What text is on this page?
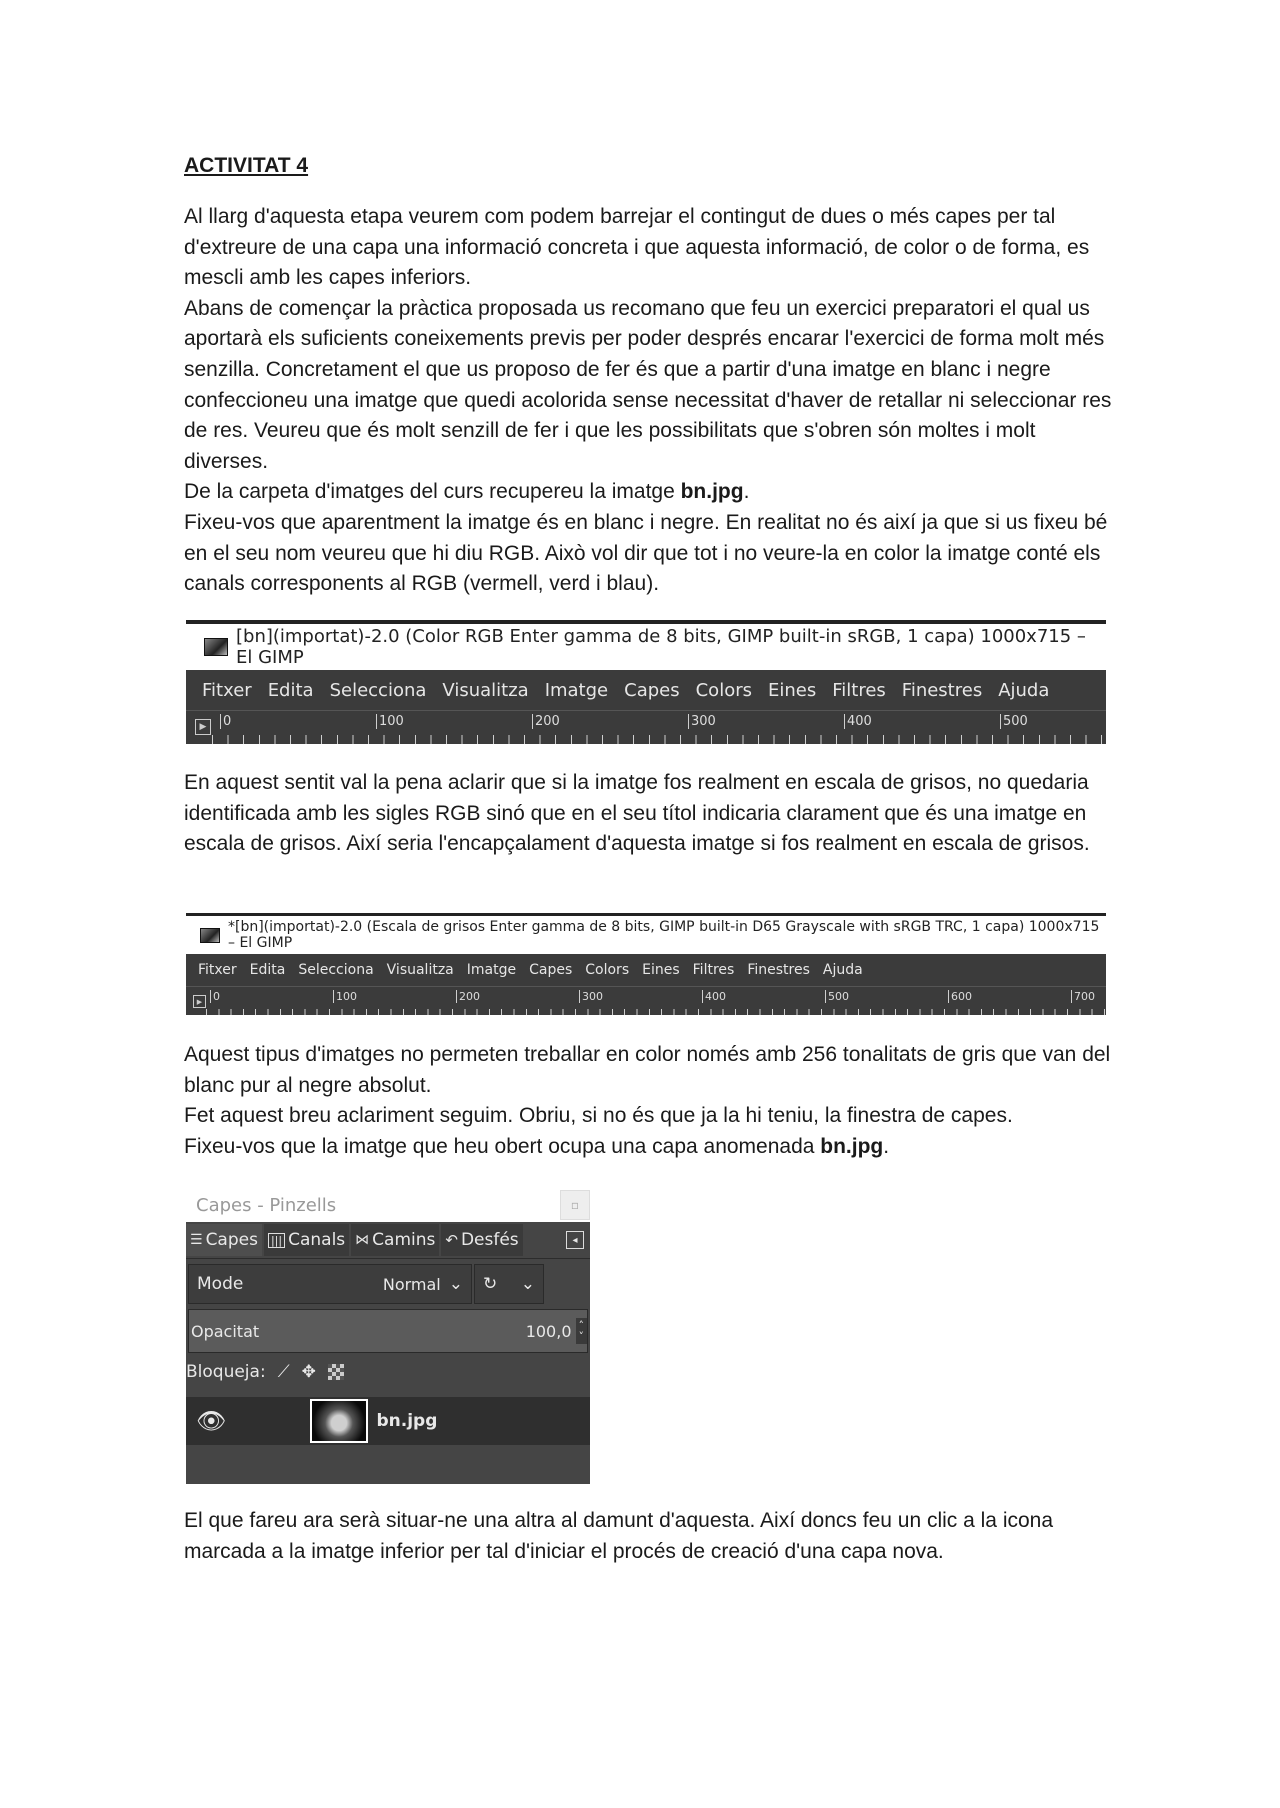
ACTIVITAT 4

Al llarg d'aquesta etapa veurem com podem barrejar el contingut de dues o més capes per tal d'extreure de una capa una informació concreta i que aquesta informació, de color o de forma, es mescli amb les capes inferiors.

Abans de començar la pràctica proposada us recomano que feu un exercici preparatori el qual us aportarà els suficients coneixements previs per poder després encarar l'exercici de forma molt més senzilla. Concretament el que us proposo de fer és que a partir d'una imatge en blanc i negre confeccioneu una imatge que quedi acolorida sense necessitat d'haver de retallar ni seleccionar res de res. Veureu que és molt senzill de fer i que les possibilitats que s'obren són moltes i molt diverses.

De la carpeta d'imatges del curs recupereu la imatge bn.jpg.

Fixeu-vos que aparentment la imatge és en blanc i negre. En realitat no és així ja que si us fixeu bé en el seu nom veureu que hi diu RGB. Això vol dir que tot i no veure-la en color la imatge conté els canals corresponents al RGB (vermell, verd i blau).

[bn](importat)-2.0 (Color RGB Enter gamma de 8 bits, GIMP built-in sRGB, 1 capa) 1000x715 – El GIMP
Fitxer Edita Selecciona Visualitza Imatge Capes Colors Eines Filtres Finestres Ajuda
▶	0	100	200	300	400	500

En aquest sentit val la pena aclarir que si la imatge fos realment en escala de grisos, no quedaria identificada amb les sigles RGB sinó que en el seu títol indicaria clarament que és una imatge en escala de grisos. Així seria l'encapçalament d'aquesta imatge si fos realment en escala de grisos.

*[bn](importat)-2.0 (Escala de grisos Enter gamma de 8 bits, GIMP built-in D65 Grayscale with sRGB TRC, 1 capa) 1000x715 – El GIMP
Fitxer Edita Selecciona Visualitza Imatge Capes Colors Eines Filtres Finestres Ajuda
▶ 0	100	200	300	400	500	600	700

Aquest tipus d'imatges no permeten treballar en color només amb 256 tonalitats de gris que van del blanc pur al negre absolut.

Fet aquest breu aclariment seguim. Obriu, si no és que ja la hi teniu, la finestra de capes.

Fixeu-vos que la imatge que heu obert ocupa una capa anomenada bn.jpg.

Capes - Pinzells	▫
☰ Capes ||| Canals ⋈ Camins ↶ Desfés	◂
Mode	Normal ⌄ ↻ ⌄
Opacitat	100,0 ˄
˅
Bloqueja: ⟋ ✥
👁	bn.jpg

El que fareu ara serà situar-ne una altra al damunt d'aquesta. Així doncs feu un clic a la icona marcada a la imatge inferior per tal d'iniciar el procés de creació d'una capa nova.
